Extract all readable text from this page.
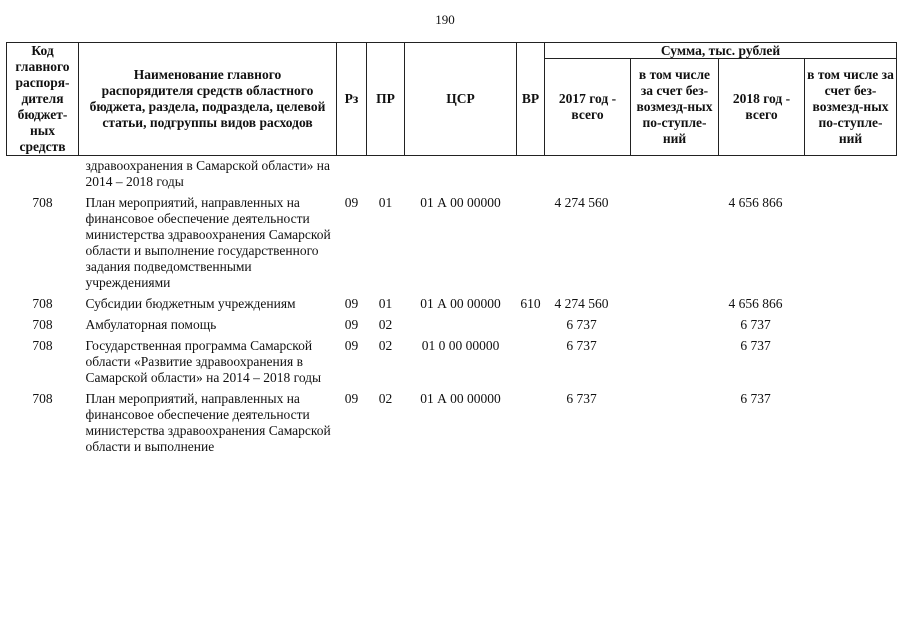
190
Код главного распоря-дителя бюджет-ных средств	Наименование главного распорядителя средств областного бюджета, раздела, подраздела, целевой статьи, подгруппы видов расходов	Рз	ПР	ЦСР	ВР	Сумма, тыс. рублей			
						2017 год - всего	в том числе за счет без-возмезд-ных по-ступле-ний	2018 год - всего	в том числе за счет без-возмезд-ных по-ступле-ний
	здравоохранения в Самарской области» на 2014 – 2018 годы								
708	План мероприятий, направленных на финансовое обеспечение деятельности министерства здравоохранения Самарской области и выполнение государственного задания подведомственными учреждениями	09	01	01 А 00 00000		4 274 560		4 656 866	
708	Субсидии бюджетным учреждениям	09	01	01 А 00 00000	610	4 274 560		4 656 866	
708	Амбулаторная помощь	09	02			6 737		6 737	
708	Государственная программа Самарской области «Развитие здравоохранения в Самарской области» на 2014 – 2018 годы	09	02	01 0 00 00000		6 737		6 737	
708	План мероприятий, направленных на финансовое обеспечение деятельности министерства здравоохранения Самарской области и выполнение	09	02	01 А 00 00000		6 737		6 737	
